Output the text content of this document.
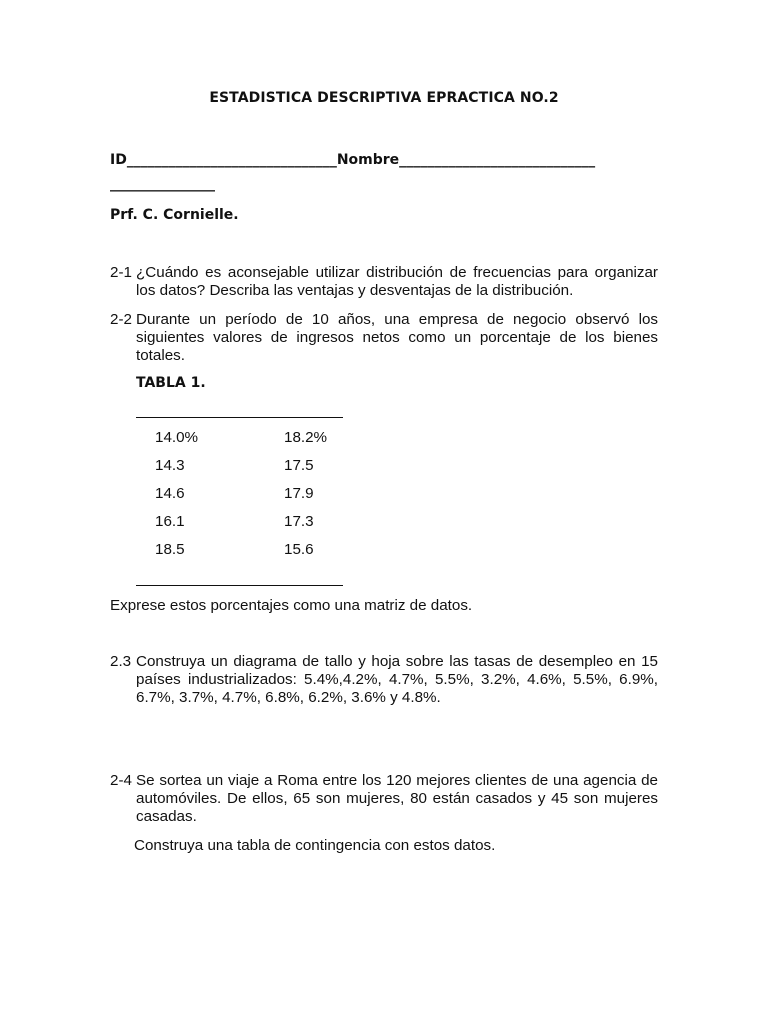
ESTADISTICA DESCRIPTIVA EPRACTICA NO.2
ID______________________________Nombre____________________________
_______________
Prf. C. Cornielle.
2-1 ¿Cuándo es aconsejable utilizar distribución de frecuencias para organizar los datos? Describa las ventajas y desventajas de la distribución.
2-2 Durante un período de 10 años, una empresa de negocio observó los siguientes valores de ingresos netos como un porcentaje de los bienes totales.
TABLA 1.
14.0%	18.2%
14.3	17.5
14.6	17.9
16.1	17.3
18.5	15.6
Exprese estos porcentajes como una matriz de datos.
2.3 Construya un diagrama de tallo y hoja sobre las tasas de desempleo en 15 países industrializados: 5.4%,4.2%, 4.7%, 5.5%, 3.2%, 4.6%, 5.5%, 6.9%, 6.7%, 3.7%, 4.7%, 6.8%, 6.2%, 3.6% y 4.8%.
2-4 Se sortea un viaje a Roma entre los 120 mejores clientes de una agencia de automóviles. De ellos, 65 son mujeres, 80 están casados y 45 son mujeres casadas.
Construya una tabla de contingencia con estos datos.
